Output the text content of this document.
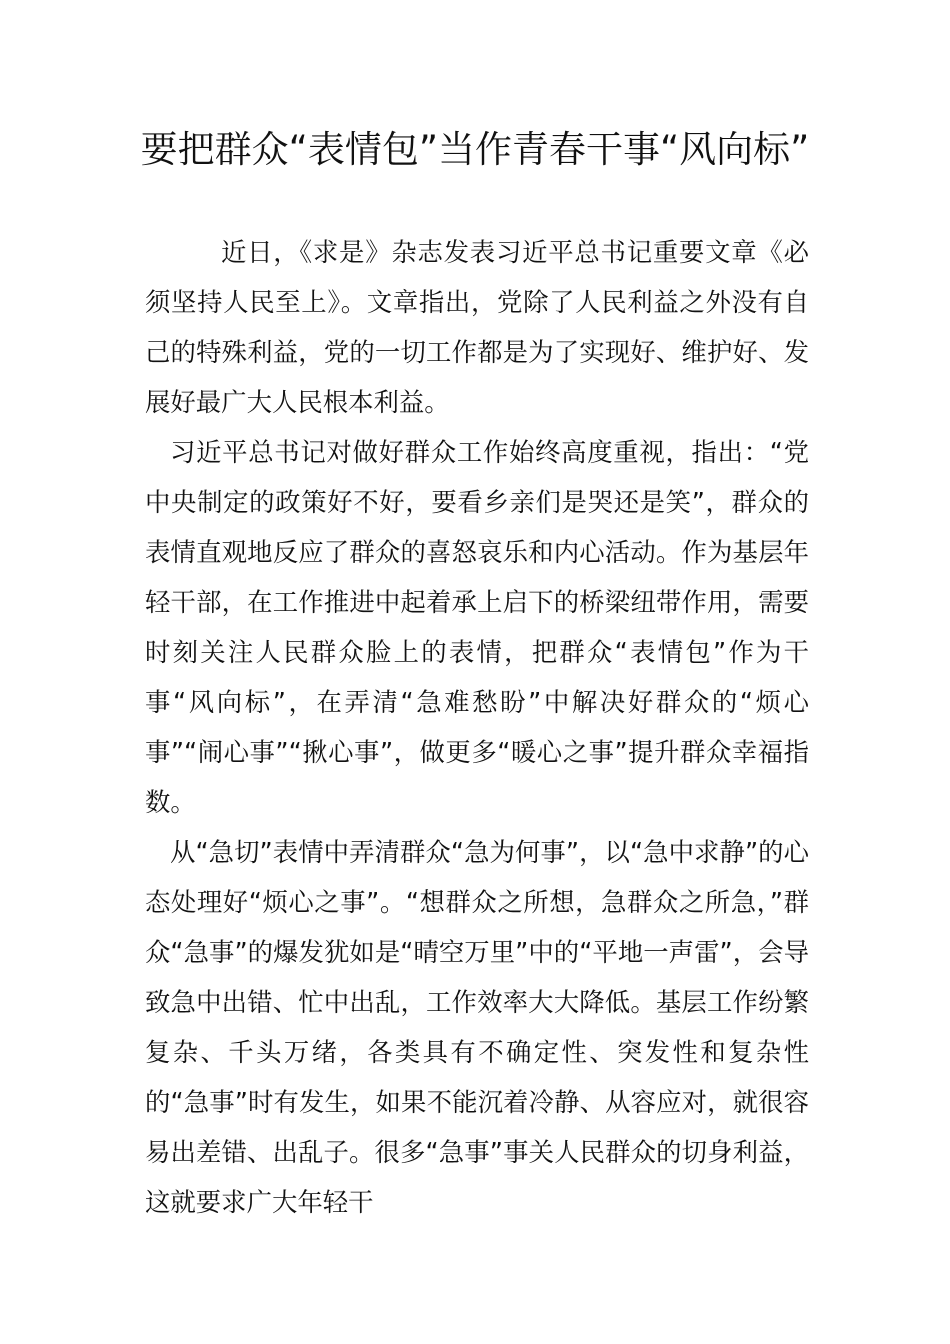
要把群众“表情包”当作青春干事“风向标”

近日，《求是》杂志发表习近平总书记重要文章《必须坚持人民至上》。文章指出，党除了人民利益之外没有自己的特殊利益，党的一切工作都是为了实现好、维护好、发展好最广大人民根本利益。

习近平总书记对做好群众工作始终高度重视，指出：“党中央制定的政策好不好，要看乡亲们是哭还是笑”，群众的表情直观地反应了群众的喜怒哀乐和内心活动。作为基层年轻干部，在工作推进中起着承上启下的桥梁纽带作用，需要时刻关注人民群众脸上的表情，把群众“表情包”作为干事“风向标”，在弄清“急难愁盼”中解决好群众的“烦心事”“闹心事”“揪心事”，做更多“暖心之事”提升群众幸福指数。

从“急切”表情中弄清群众“急为何事”，以“急中求静”的心态处理好“烦心之事”。“想群众之所想，急群众之所急，”群众“急事”的爆发犹如是“晴空万里”中的“平地一声雷”，会导致急中出错、忙中出乱，工作效率大大降低。基层工作纷繁复杂、千头万绪，各类具有不确定性、突发性和复杂性的“急事”时有发生，如果不能沉着冷静、从容应对，就很容易出差错、出乱子。很多“急事”事关人民群众的切身利益，这就要求广大年轻干
